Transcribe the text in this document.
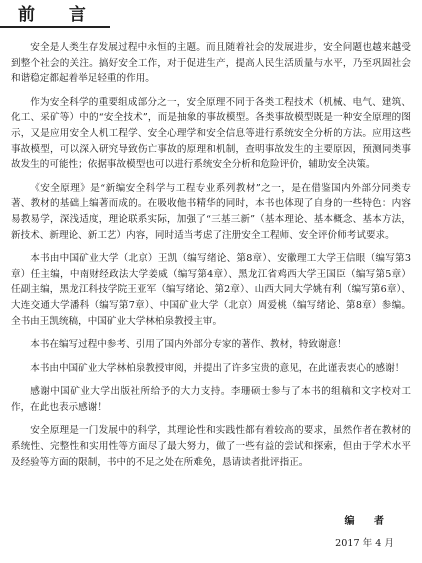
前 言

安全是人类生存发展过程中永恒的主题。而且随着社会的发展进步，安全问题也越来越受到整个社会的关注。搞好安全工作，对于促进生产，提高人民生活质量与水平，乃至巩固社会和谐稳定都起着举足轻重的作用。

作为安全科学的重要组成部分之一，安全原理不同于各类工程技术（机械、电气、建筑、化工、采矿等）中的“安全技术”，而是抽象的事故模型。各类事故模型既是一种安全原理的图示，又是应用安全人机工程学、安全心理学和安全信息等进行系统安全分析的方法。应用这些事故模型，可以深入研究导致伤亡事故的原理和机制，查明事故发生的主要原因，预测同类事故发生的可能性；依据事故模型也可以进行系统安全分析和危险评价，辅助安全决策。

《安全原理》是“新编安全科学与工程专业系列教材”之一，是在借鉴国内外部分同类专著、教材的基础上编著而成的。在吸收他书精华的同时，本书也体现了自身的一些特色：内容易教易学，深浅适度，理论联系实际，加强了“三基三新”（基本理论、基本概念、基本方法，新技术、新理论、新工艺）内容，同时适当考虑了注册安全工程师、安全评价师考试要求。

本书由中国矿业大学（北京）王凯（编写绪论、第8章）、安徽理工大学王信眼（编写第3章）任主编，中南财经政法大学姜威（编写第4章）、黑龙江省鸡西大学王国臣（编写第5章）任副主编，黑龙江科技学院王亚军（编写绪论、第2章）、山西大同大学姚有利（编写第6章）、大连交通大学潘科（编写第7章）、中国矿业大学（北京）周爱桃（编写绪论、第8章）参编。全书由王凯统稿，中国矿业大学林柏泉教授主审。

本书在编写过程中参考、引用了国内外部分专家的著作、教材，特致谢意！

本书由中国矿业大学林柏泉教授审阅，并提出了许多宝贵的意见，在此谨表衷心的感谢！

感谢中国矿业大学出版社所给予的大力支持。李珊硕士参与了本书的组稿和文字校对工作，在此也表示感谢！

安全原理是一门发展中的科学，其理论性和实践性都有着较高的要求，虽然作者在教材的系统性、完整性和实用性等方面尽了最大努力，做了一些有益的尝试和探索，但由于学术水平及经验等方面的限制，书中的不足之处在所难免，恳请读者批评指正。

编 者
2017 年 4 月
